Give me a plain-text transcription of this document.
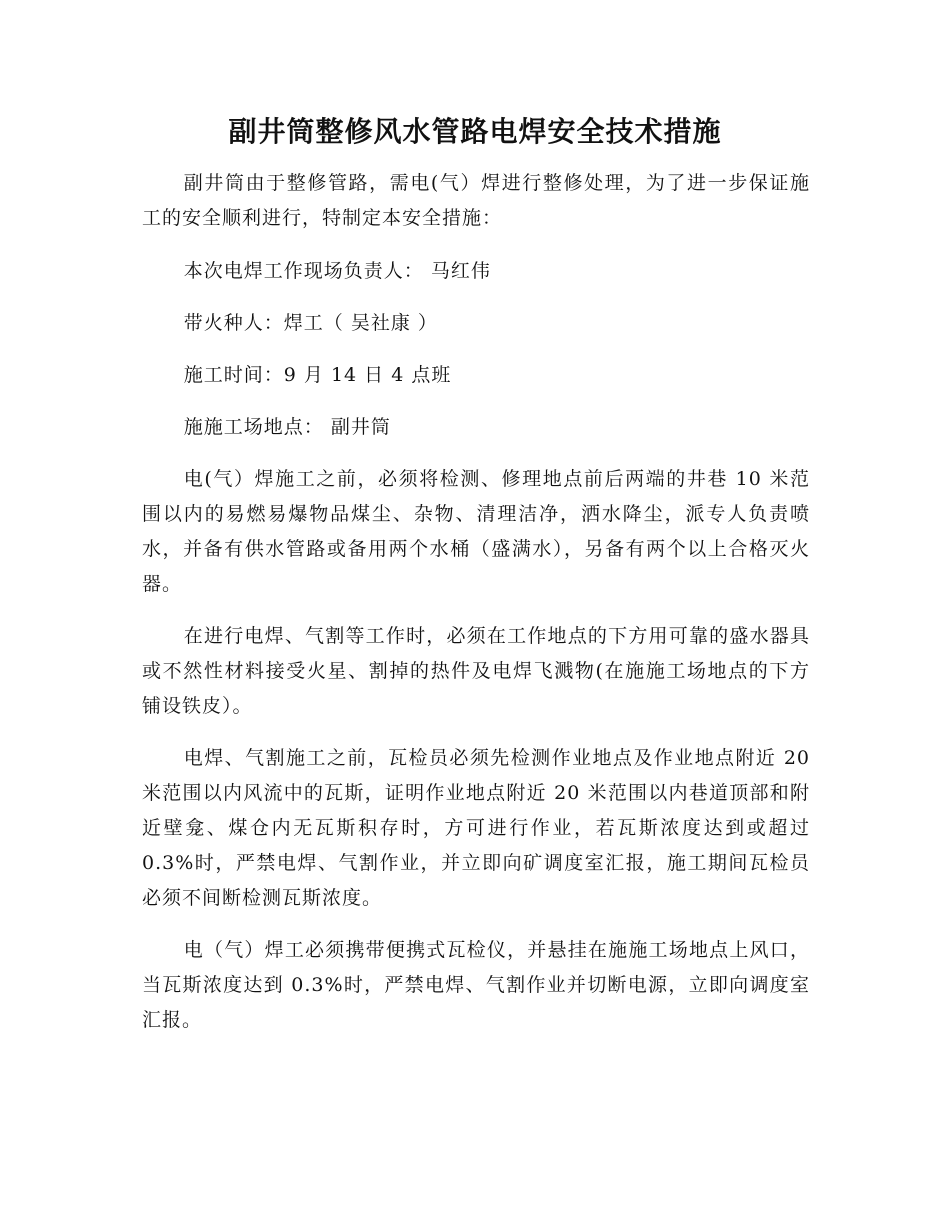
副井筒整修风水管路电焊安全技术措施

副井筒由于整修管路，需电(气）焊进行整修处理，为了进一步保证施工的安全顺利进行，特制定本安全措施：

本次电焊工作现场负责人： 马红伟

带火种人：焊工（ 吴社康 ）

施工时间：9 月 14 日 4 点班

施施工场地点： 副井筒

电(气）焊施工之前，必须将检测、修理地点前后两端的井巷 10 米范围以内的易燃易爆物品煤尘、杂物、清理洁净，洒水降尘，派专人负责喷水，并备有供水管路或备用两个水桶（盛满水），另备有两个以上合格灭火器。

在进行电焊、气割等工作时，必须在工作地点的下方用可靠的盛水器具或不然性材料接受火星、割掉的热件及电焊飞溅物(在施施工场地点的下方铺设铁皮）。

电焊、气割施工之前，瓦检员必须先检测作业地点及作业地点附近 20 米范围以内风流中的瓦斯，证明作业地点附近 20 米范围以内巷道顶部和附近壁龛、煤仓内无瓦斯积存时，方可进行作业，若瓦斯浓度达到或超过 0.3%时，严禁电焊、气割作业，并立即向矿调度室汇报，施工期间瓦检员必须不间断检测瓦斯浓度。

电（气）焊工必须携带便携式瓦检仪，并悬挂在施施工场地点上风口，当瓦斯浓度达到 0.3%时，严禁电焊、气割作业并切断电源，立即向调度室汇报。
